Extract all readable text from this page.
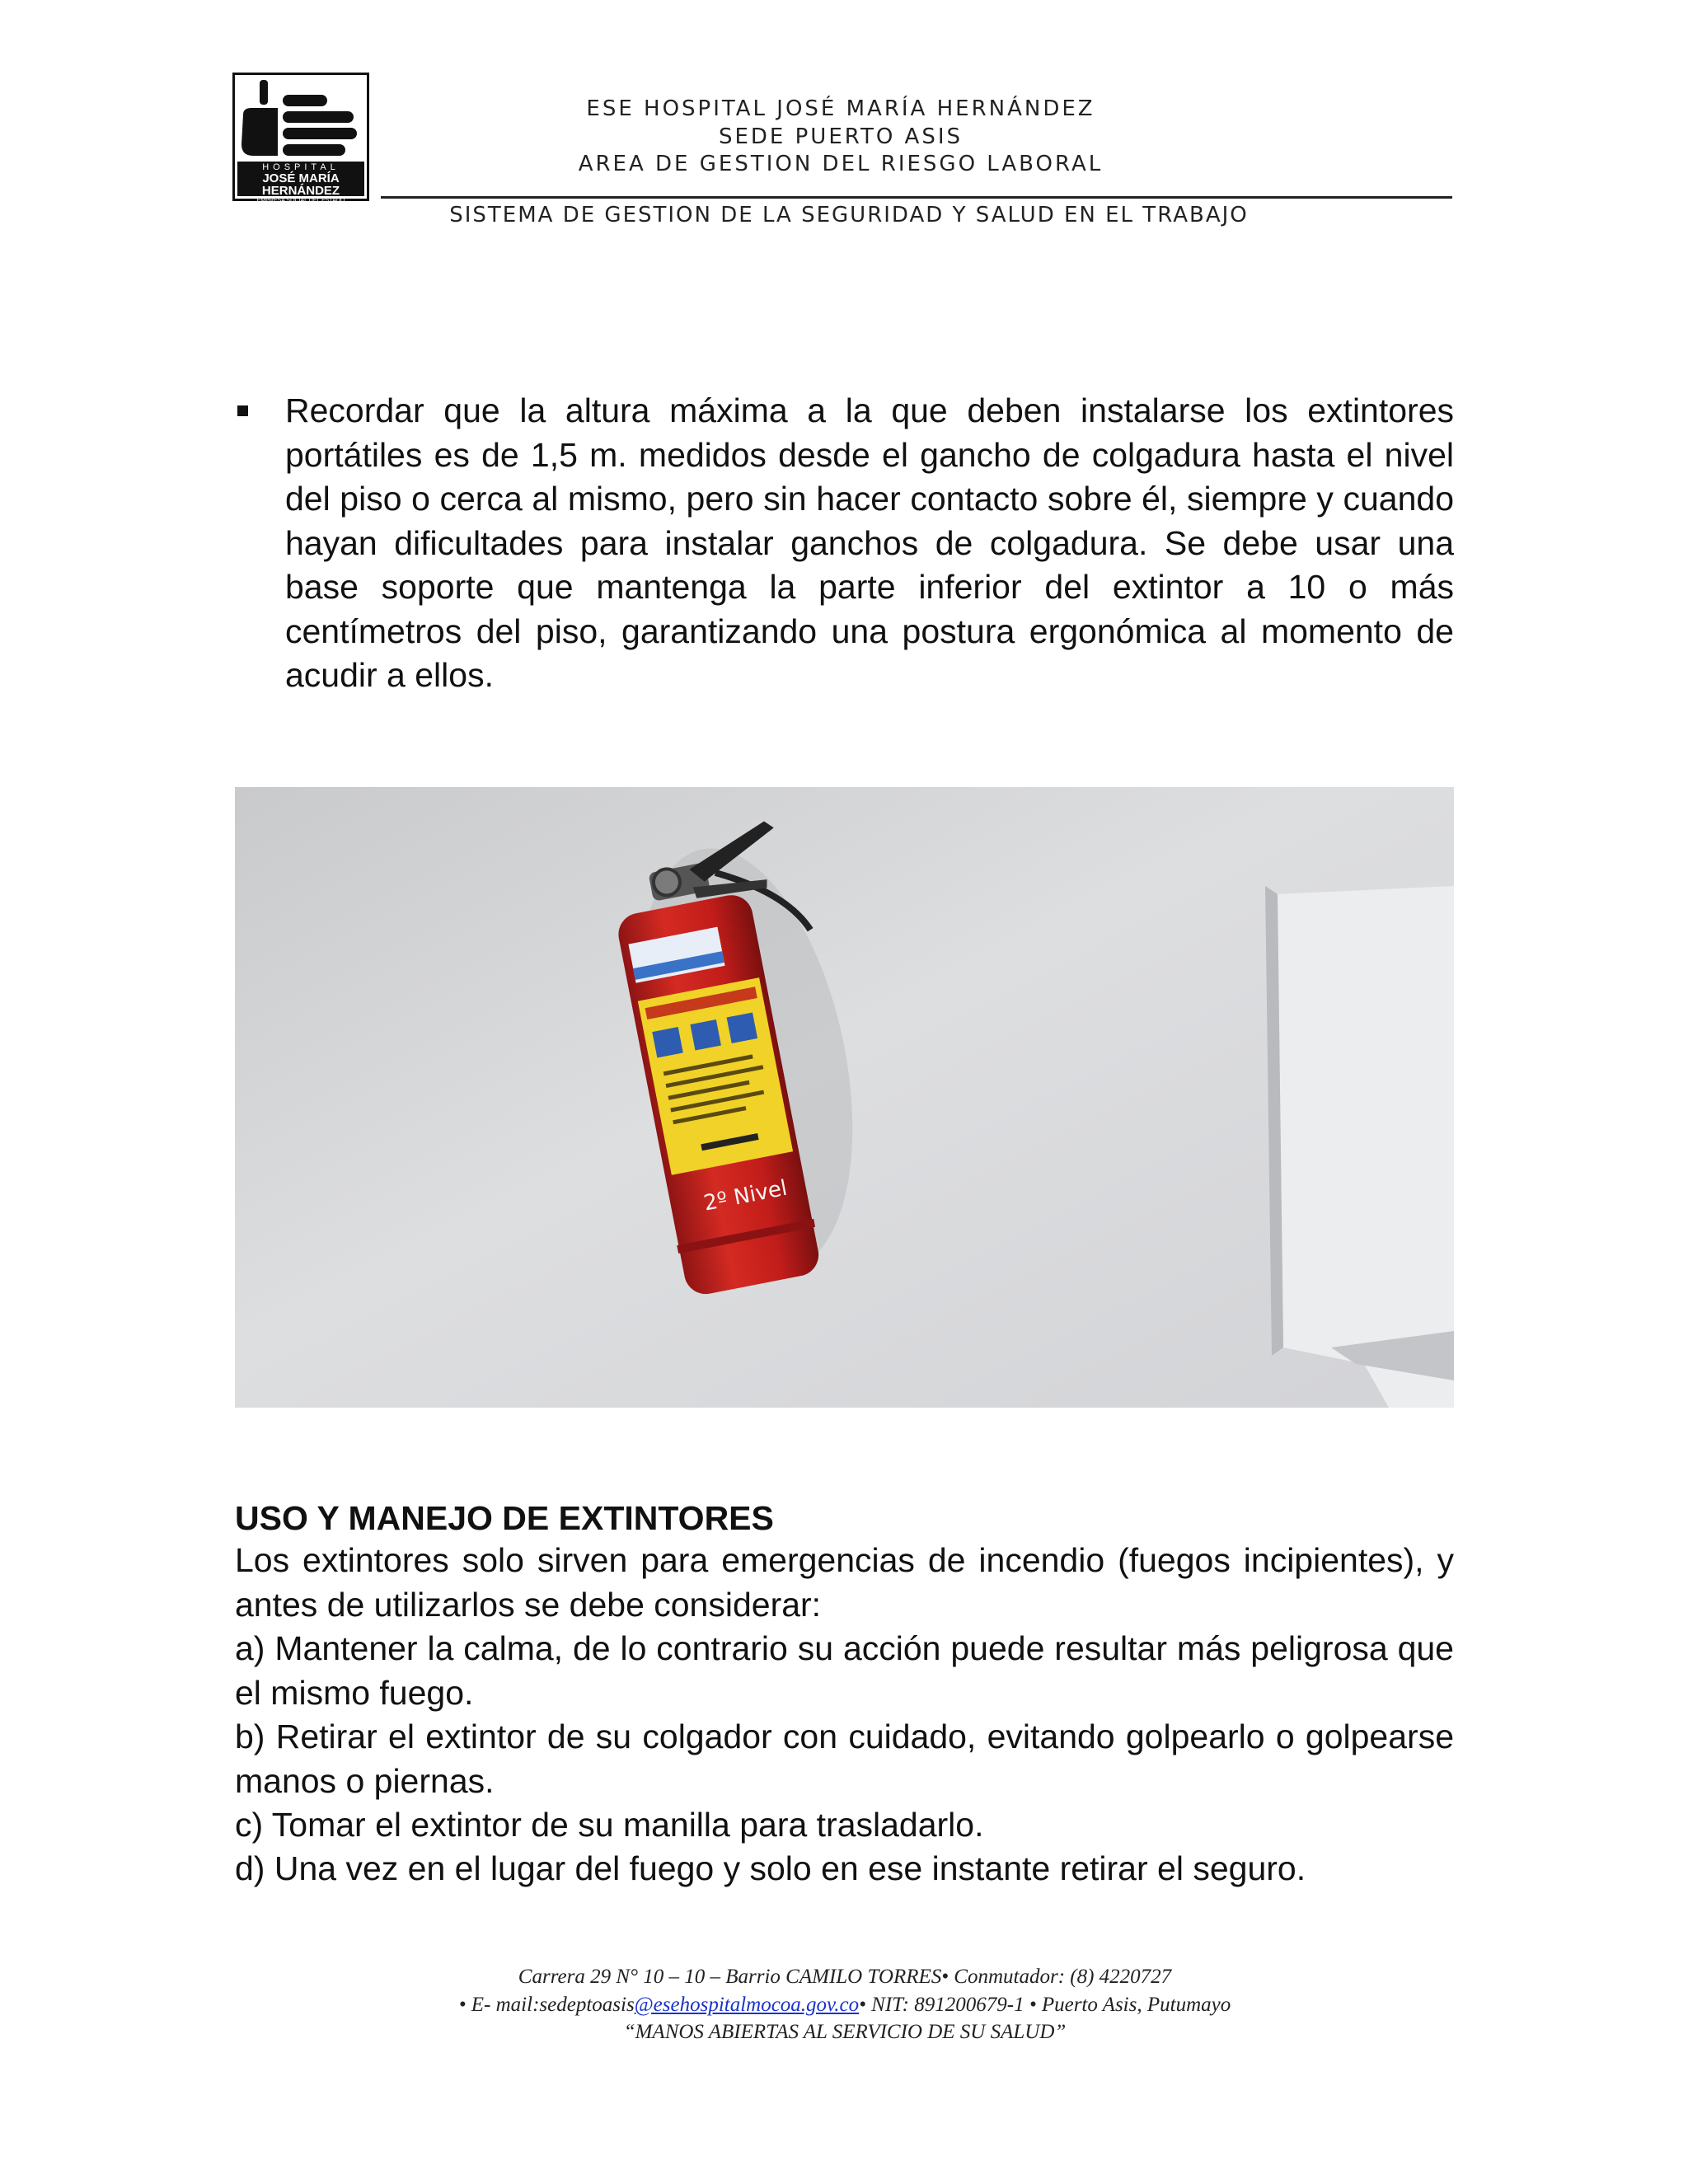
HOSPITAL
JOSÉ MARÍA HERNÁNDEZ
EMPRESA SOCIAL DEL ESTADO
ESE HOSPITAL JOSÉ MARÍA HERNÁNDEZ
SEDE PUERTO ASIS
AREA DE GESTION DEL RIESGO LABORAL
SISTEMA DE GESTION DE LA SEGURIDAD Y SALUD EN EL TRABAJO
Recordar que la altura máxima a la que deben instalarse los extintores portátiles es de 1,5 m. medidos desde el gancho de colgadura hasta el nivel del piso o cerca al mismo, pero sin hacer contacto sobre él, siempre y cuando hayan dificultades para instalar ganchos de colgadura. Se debe usar una base soporte que mantenga la parte inferior del extintor a 10 o más centímetros del piso, garantizando una postura ergonómica al momento de acudir a ellos.
2º Nivel
USO Y MANEJO DE EXTINTORES
Los extintores solo sirven para emergencias de incendio (fuegos incipientes), y antes de utilizarlos se debe considerar:
a) Mantener la calma, de lo contrario su acción puede resultar más peligrosa que el mismo fuego.
b) Retirar el extintor de su colgador con cuidado, evitando golpearlo o golpearse manos o piernas.
c) Tomar el extintor de su manilla para trasladarlo.
d) Una vez en el lugar del fuego y solo en ese instante retirar el seguro.
Carrera 29 N° 10 – 10 – Barrio CAMILO TORRES• Conmutador: (8) 4220727
• E- mail:sedeptoasis@esehospitalmocoa.gov.co• NIT: 891200679-1 • Puerto Asis, Putumayo
“MANOS ABIERTAS AL SERVICIO DE SU SALUD”
